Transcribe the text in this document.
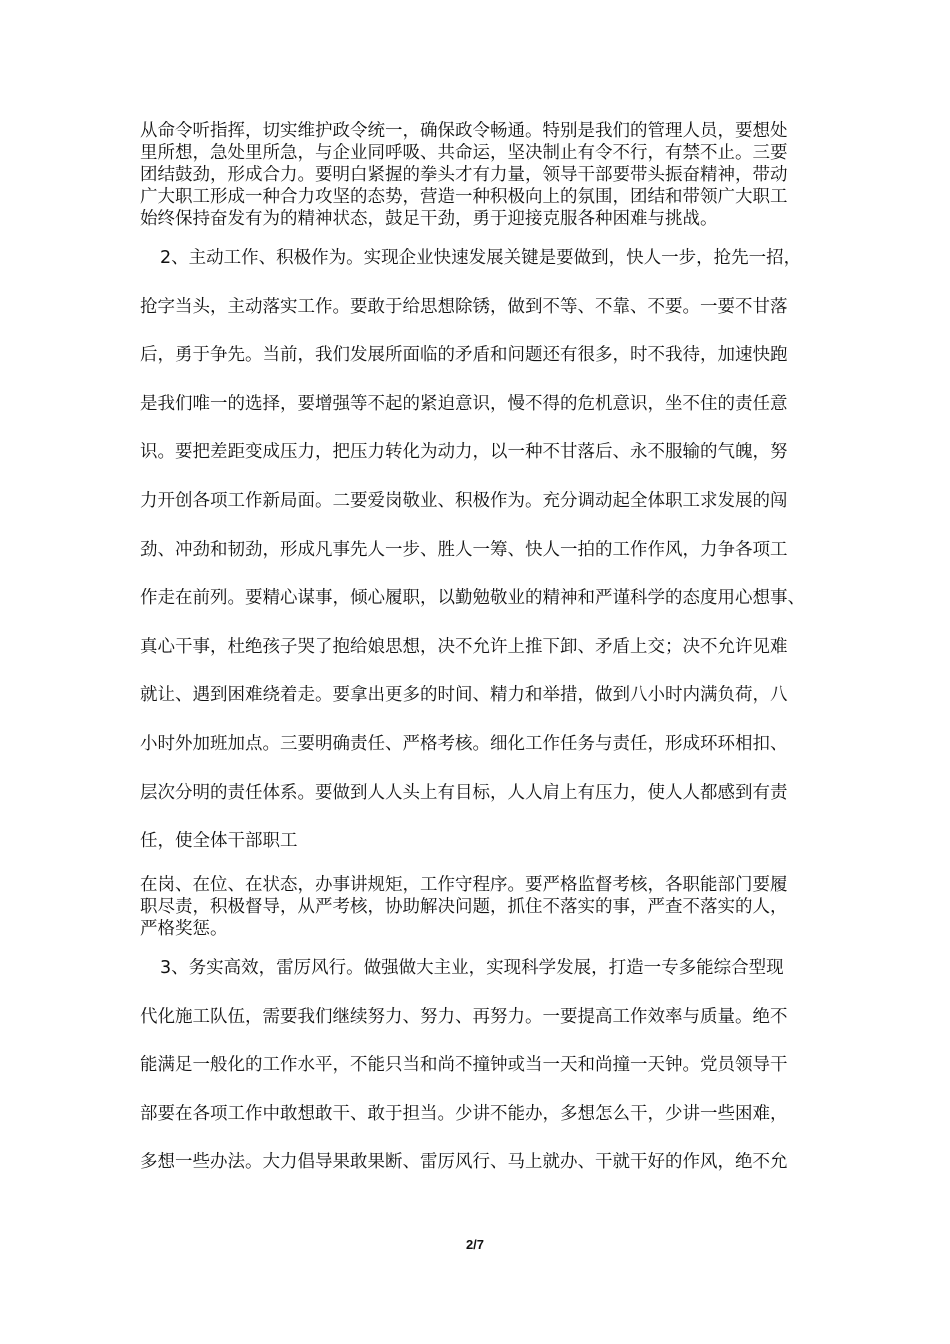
从命令听指挥，切实维护政令统一，确保政令畅通。特别是我们的管理人员，要想处
里所想，急处里所急，与企业同呼吸、共命运，坚决制止有令不行，有禁不止。三要
团结鼓劲，形成合力。要明白紧握的拳头才有力量，领导干部要带头振奋精神，带动
广大职工形成一种合力攻坚的态势，营造一种积极向上的氛围，团结和带领广大职工
始终保持奋发有为的精神状态，鼓足干劲，勇于迎接克服各种困难与挑战。
2、主动工作、积极作为。实现企业快速发展关键是要做到，快人一步，抢先一招，
抢字当头，主动落实工作。要敢于给思想除锈，做到不等、不靠、不要。一要不甘落
后，勇于争先。当前，我们发展所面临的矛盾和问题还有很多，时不我待，加速快跑
是我们唯一的选择，要增强等不起的紧迫意识，慢不得的危机意识，坐不住的责任意
识。要把差距变成压力，把压力转化为动力，以一种不甘落后、永不服输的气魄，努
力开创各项工作新局面。二要爱岗敬业、积极作为。充分调动起全体职工求发展的闯
劲、冲劲和韧劲，形成凡事先人一步、胜人一筹、快人一拍的工作作风，力争各项工
作走在前列。要精心谋事，倾心履职，以勤勉敬业的精神和严谨科学的态度用心想事、
真心干事，杜绝孩子哭了抱给娘思想，决不允许上推下卸、矛盾上交；决不允许见难
就让、遇到困难绕着走。要拿出更多的时间、精力和举措，做到八小时内满负荷，八
小时外加班加点。三要明确责任、严格考核。细化工作任务与责任，形成环环相扣、
层次分明的责任体系。要做到人人头上有目标，人人肩上有压力，使人人都感到有责
任，使全体干部职工
在岗、在位、在状态，办事讲规矩，工作守程序。要严格监督考核，各职能部门要履
职尽责，积极督导，从严考核，协助解决问题，抓住不落实的事，严查不落实的人，
严格奖惩。
3、务实高效，雷厉风行。做强做大主业，实现科学发展，打造一专多能综合型现
代化施工队伍，需要我们继续努力、努力、再努力。一要提高工作效率与质量。绝不
能满足一般化的工作水平，不能只当和尚不撞钟或当一天和尚撞一天钟。党员领导干
部要在各项工作中敢想敢干、敢于担当。少讲不能办，多想怎么干，少讲一些困难，
多想一些办法。大力倡导果敢果断、雷厉风行、马上就办、干就干好的作风，绝不允
2/7
